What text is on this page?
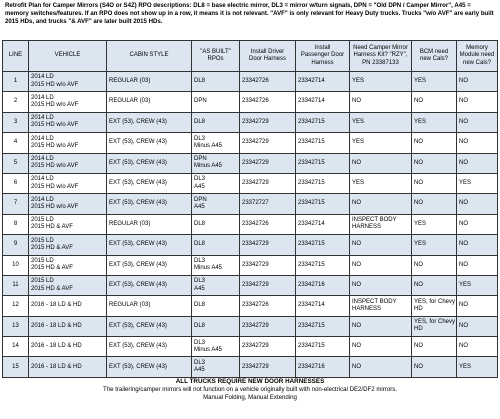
Retrofit Plan for Camper Mirrors (S4O or S4Z) RPO descriptions: DL8 = base electric mirror, DL3 = mirror w/turn signals, DPN = "Old DPN / Camper Mirror", A45 = memory switches/features. If an RPO does not show up in a row, it means it is not relevant. "AVF" is only relevant for Heavy Duty trucks. Trucks "w/o AVF" are early built 2015 HDs, and trucks "& AVF" are later built 2015 HDs.

LINE	VEHICLE	CABIN STYLE	"AS BUILT"
RPOs	Install Driver
Door Harness	Install
Passenger Door
Harness	Need Camper Mirror
Harness Kit? "RZY",
PN 23387133	BCM need
new Cals?	Memory
Module need
new Cals?

1	2014 LD
2015 HD w/o AVF	REGULAR (03)	DL8	23342726	23342714	YES	YES	NO

2	2014 LD
2015 HD w/o AVF	REGULAR (03)	DPN	23342726	23342714	NO	NO	NO

3	2014 LD
2015 HD w/o AVF	EXT (53), CREW (43)	DL8	23342729	23342715	YES	YES	NO

4	2014 LD
2015 HD w/o AVF	EXT (53), CREW (43)	DL3
Minus A45	23342729	23342715	YES	NO	NO

5	2014 LD
2015 HD w/o AVF	EXT (53), CREW (43)	DPN
Minus A45	23342729	23342715	NO	NO	NO

6	2014 LD
2015 HD w/o AVF	EXT (53), CREW (43)	DL3
A45	23342729	23342715	YES	NO	YES

7	2014 LD
2015 HD w/o AVF	EXT (53), CREW (43)	DPN
A45	23372727	23342715	NO	NO	NO

8	2015 LD
2015 HD & AVF	REGULAR (03)	DL8	23342726	23342714	INSPECT BODY
HARNESS	YES	NO

9	2015 LD
2015 HD & AVF	EXT (53), CREW (43)	DL8	23342729	23342715	NO	YES	NO

10	2015 LD
2015 HD & AVF	EXT (53), CREW (43)	DL3
Minus A45	23342729	23342715	NO	NO	NO

11	2015 LD
2015 HD & AVF	EXT (53), CREW (43)	DL3
A45	23342729	23342716	NO	NO	YES

12	2016 - 18 LD & HD	REGULAR (03)	DL8	23342726	23342714	INSPECT BODY
HARNESS	YES, for Chevy
HD	NO

13	2016 - 18 LD & HD	EXT (53), CREW (43)	DL8	23342729	23342715	NO	YES, for Chevy
HD	NO

14	2016 - 18 LD & HD	EXT (53), CREW (43)	DL3
Minus A45	23342729	23342715	NO	NO	NO

15	2016 - 18 LD & HD	EXT (53), CREW (43)	DL3
A45	23342729	23342716	NO	NO	YES

ALL TRUCKS REQUIRE NEW DOOR HARNESSES
The trailering/camper mirrors will not function on a vehicle originally built with non-electrical DE2/DF2 mirrors.
Manual Folding, Manual Extending								
